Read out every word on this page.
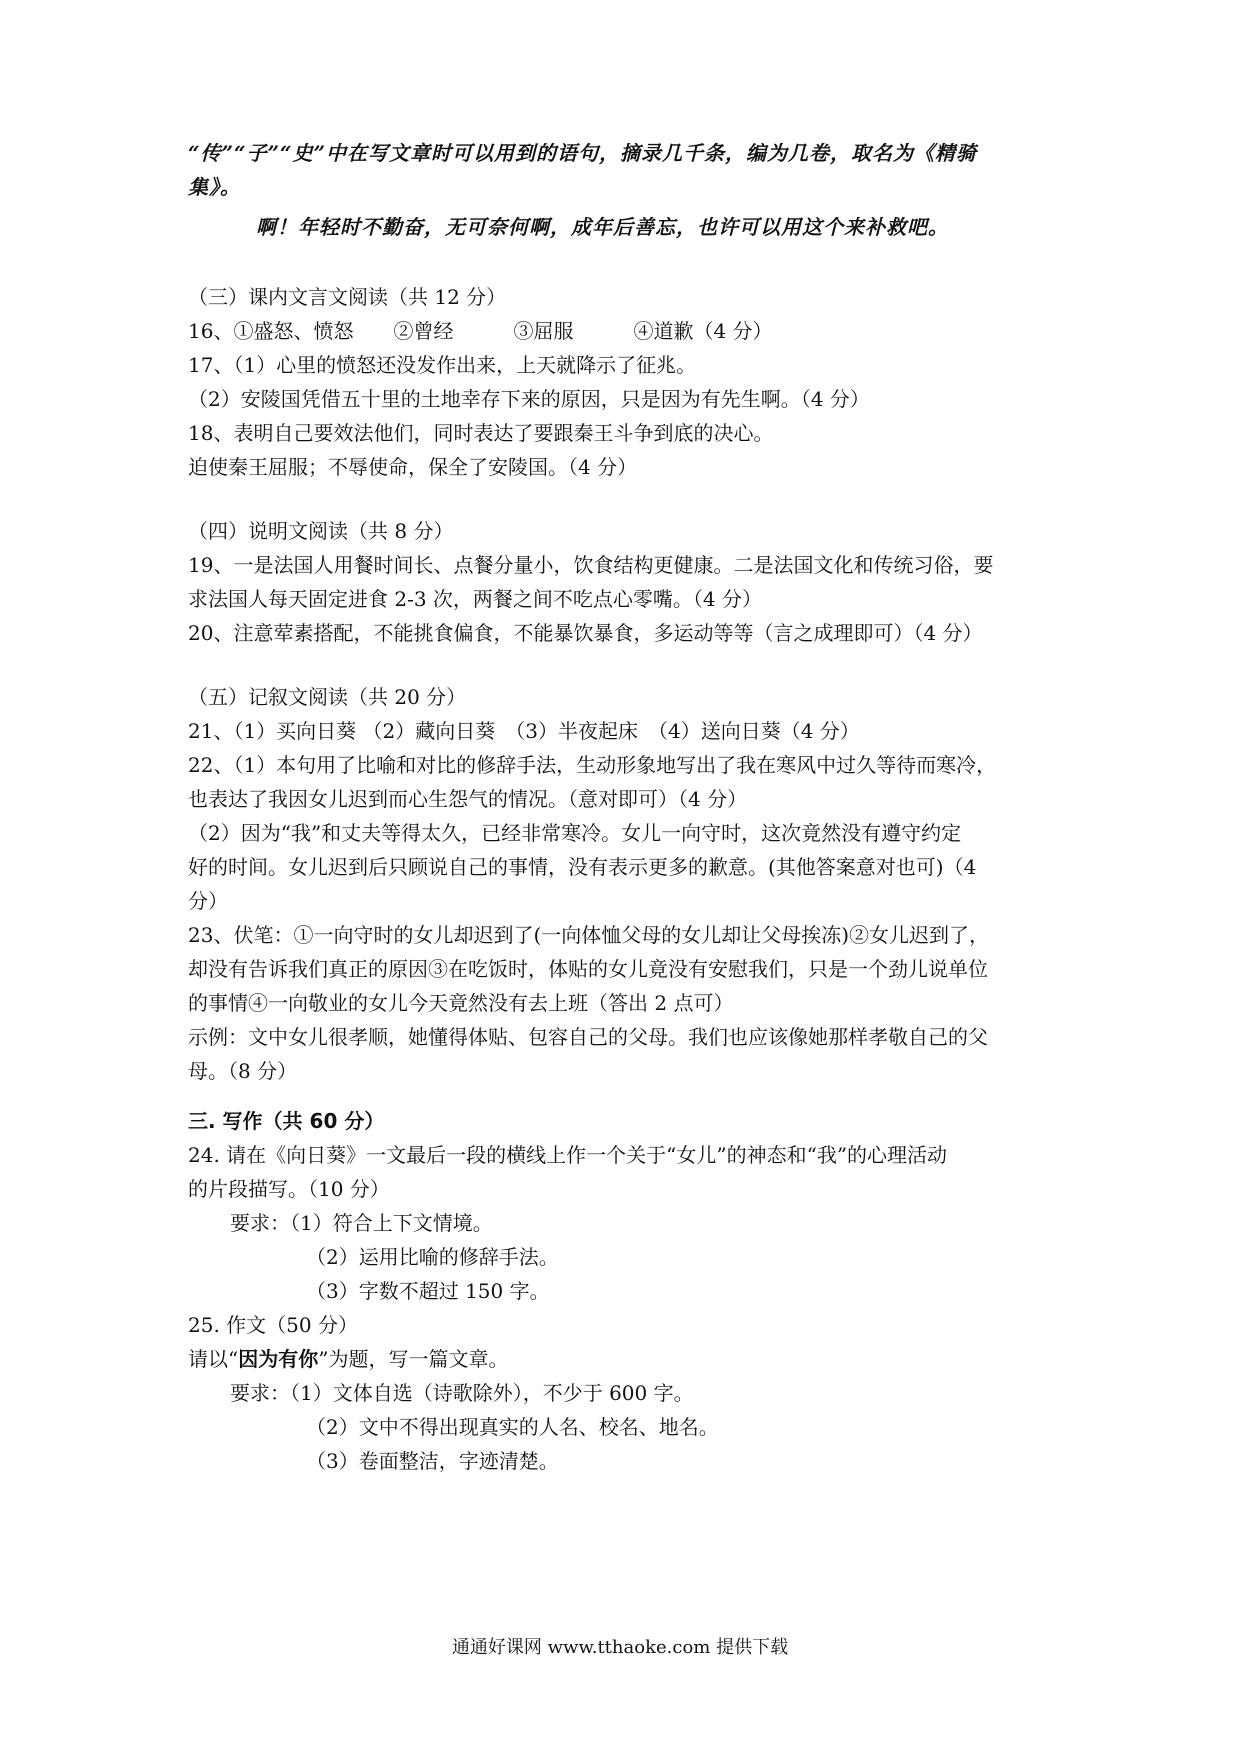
“传”“子”“史”中在写文章时可以用到的语句，摘录几千条，编为几卷，取名为《精骑
集》。
啊！年轻时不勤奋，无可奈何啊，成年后善忘，也许可以用这个来补救吧。
（三）课内文言文阅读（共 12 分）
16、①盛怒、愤怒　　②曾经　　　③屈服　　　④道歉（4 分）
17、（1）心里的愤怒还没发作出来，上天就降示了征兆。
（2）安陵国凭借五十里的土地幸存下来的原因，只是因为有先生啊。（4 分）
18、表明自己要效法他们，同时表达了要跟秦王斗争到底的决心。
迫使秦王屈服；不辱使命，保全了安陵国。（4 分）
（四）说明文阅读（共 8 分）
19、一是法国人用餐时间长、点餐分量小，饮食结构更健康。二是法国文化和传统习俗，要
求法国人每天固定进食 2-3 次，两餐之间不吃点心零嘴。（4 分）
20、注意荤素搭配，不能挑食偏食，不能暴饮暴食，多运动等等（言之成理即可）（4 分）
（五）记叙文阅读（共 20 分）
21、（1）买向日葵 （2）藏向日葵　（3）半夜起床　（4）送向日葵（4 分）
22、（1）本句用了比喻和对比的修辞手法，生动形象地写出了我在寒风中过久等待而寒冷，
也表达了我因女儿迟到而心生怨气的情况。（意对即可）（4 分）
（2）因为“我”和丈夫等得太久，已经非常寒冷。女儿一向守时，这次竟然没有遵守约定
好的时间。女儿迟到后只顾说自己的事情，没有表示更多的歉意。(其他答案意对也可)（4
分）
23、伏笔：①一向守时的女儿却迟到了(一向体恤父母的女儿却让父母挨冻)②女儿迟到了，
却没有告诉我们真正的原因③在吃饭时，体贴的女儿竟没有安慰我们，只是一个劲儿说单位
的事情④一向敬业的女儿今天竟然没有去上班（答出 2 点可）
示例：文中女儿很孝顺，她懂得体贴、包容自己的父母。我们也应该像她那样孝敬自己的父
母。（8 分）
三. 写作（共 60 分）
24. 请在《向日葵》一文最后一段的横线上作一个关于“女儿”的神态和“我”的心理活动
的片段描写。（10 分）
要求：（1）符合上下文情境。
（2）运用比喻的修辞手法。
（3）字数不超过 150 字。
25. 作文（50 分）
请以“因为有你”为题，写一篇文章。
要求：（1）文体自选（诗歌除外），不少于 600 字。
（2）文中不得出现真实的人名、校名、地名。
（3）卷面整洁，字迹清楚。
通通好课网 www.tthaoke.com 提供下载
